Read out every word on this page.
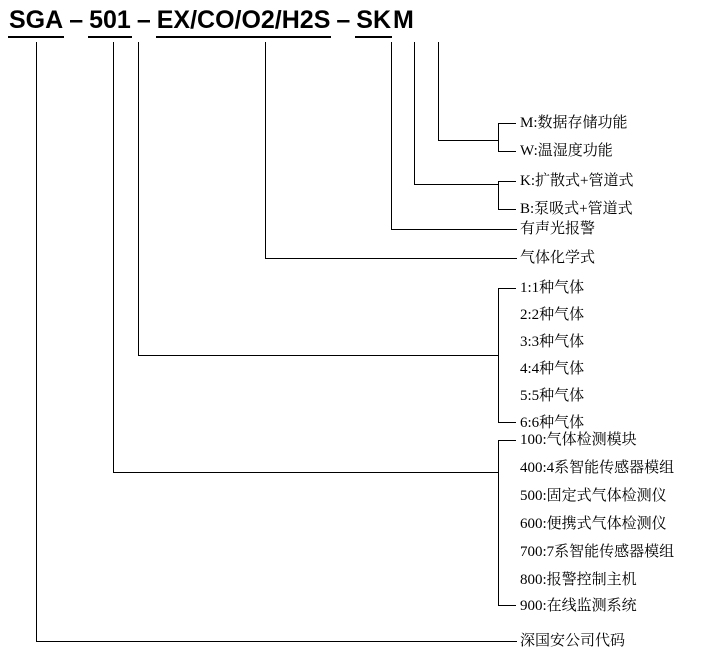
SGA – 501 – EX/CO/O2/H2S – SKM
M:数据存储功能
W:温湿度功能
K:扩散式+管道式
B:泵吸式+管道式
有声光报警
气体化学式
1:1种气体
2:2种气体
3:3种气体
4:4种气体
5:5种气体
6:6种气体
100:气体检测模块
400:4系智能传感器模组
500:固定式气体检测仪
600:便携式气体检测仪
700:7系智能传感器模组
800:报警控制主机
900:在线监测系统
深国安公司代码
